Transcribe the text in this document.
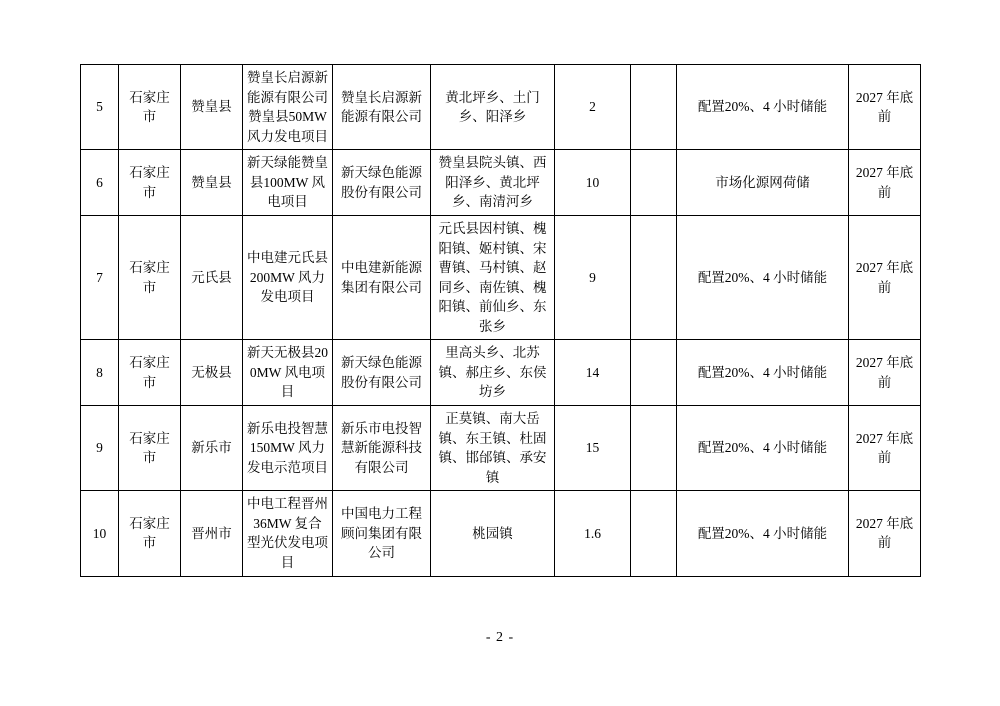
5	石家庄市	赞皇县	赞皇长启源新能源有限公司赞皇县50MW 风力发电项目	赞皇长启源新能源有限公司	黄北坪乡、土门乡、阳泽乡	2		配置20%、4 小时储能	2027 年底前
6	石家庄市	赞皇县	新天绿能赞皇县100MW 风电项目	新天绿色能源股份有限公司	赞皇县院头镇、西阳泽乡、黄北坪乡、南清河乡	10		市场化源网荷储	2027 年底前
7	石家庄市	元氏县	中电建元氏县 200MW 风力发电项目	中电建新能源集团有限公司	元氏县因村镇、槐阳镇、姬村镇、宋曹镇、马村镇、赵同乡、南佐镇、槐阳镇、前仙乡、东张乡	9		配置20%、4 小时储能	2027 年底前
8	石家庄市	无极县	新天无极县200MW 风电项目	新天绿色能源股份有限公司	里高头乡、北苏镇、郝庄乡、东侯坊乡	14		配置20%、4 小时储能	2027 年底前
9	石家庄市	新乐市	新乐电投智慧 150MW 风力发电示范项目	新乐市电投智慧新能源科技有限公司	正莫镇、南大岳镇、东王镇、杜固镇、邯邰镇、承安镇	15		配置20%、4 小时储能	2027 年底前
10	石家庄市	晋州市	中电工程晋州 36MW 复合型光伏发电项目	中国电力工程顾问集团有限公司	桃园镇	1.6		配置20%、4 小时储能	2027 年底前
- 2 -
